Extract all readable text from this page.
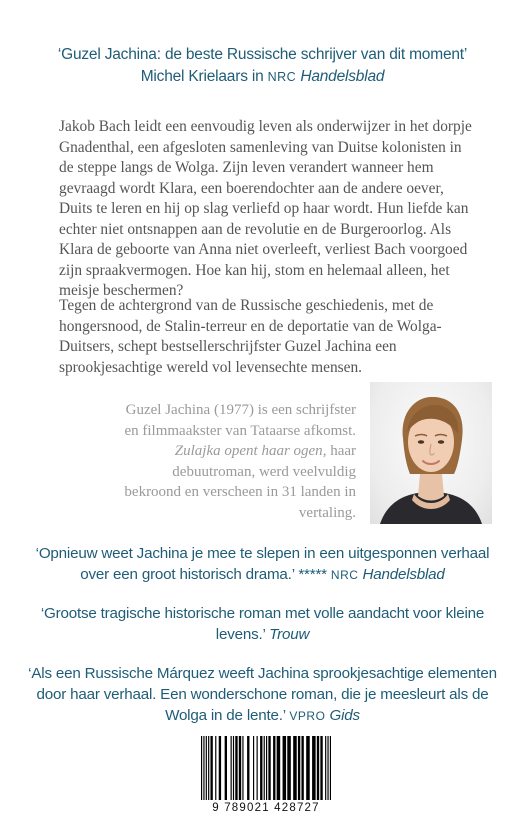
‘Guzel Jachina: de beste Russische schrijver van dit moment’
Michel Krielaars in NRC Handelsblad

Jakob Bach leidt een eenvoudig leven als onderwijzer in het dorpje Gnadenthal, een afgesloten samenleving van Duitse kolonisten in de steppe langs de Wolga. Zijn leven verandert wanneer hem gevraagd wordt Klara, een boerendochter aan de andere oever, Duits te leren en hij op slag verliefd op haar wordt. Hun liefde kan echter niet ontsnappen aan de revolutie en de Burgeroorlog. Als Klara de geboorte van Anna niet overleeft, verliest Bach voorgoed zijn spraakvermogen. Hoe kan hij, stom en helemaal alleen, het meisje beschermen?

Tegen de achtergrond van de Russische geschiedenis, met de hongersnood, de Stalin-terreur en de deportatie van de Wolga-Duitsers, schept bestsellerschrijfster Guzel Jachina een sprookjesachtige wereld vol levensechte mensen.

Guzel Jachina (1977) is een schrijfster en filmmaakster van Tataarse afkomst. Zulajka opent haar ogen, haar debuutroman, werd veelvuldig bekroond en verscheen in 31 landen in vertaling.
‘Opnieuw weet Jachina je mee te slepen in een uitgesponnen verhaal over een groot historisch drama.’ ***** NRC Handelsblad
‘Grootse tragische historische roman met volle aandacht voor kleine levens.’ Trouw
‘Als een Russische Márquez weeft Jachina sprookjesachtige elementen door haar verhaal. Een wonderschone roman, die je meesleurt als de Wolga in de lente.’ VPRO Gids
9 789021 428727
